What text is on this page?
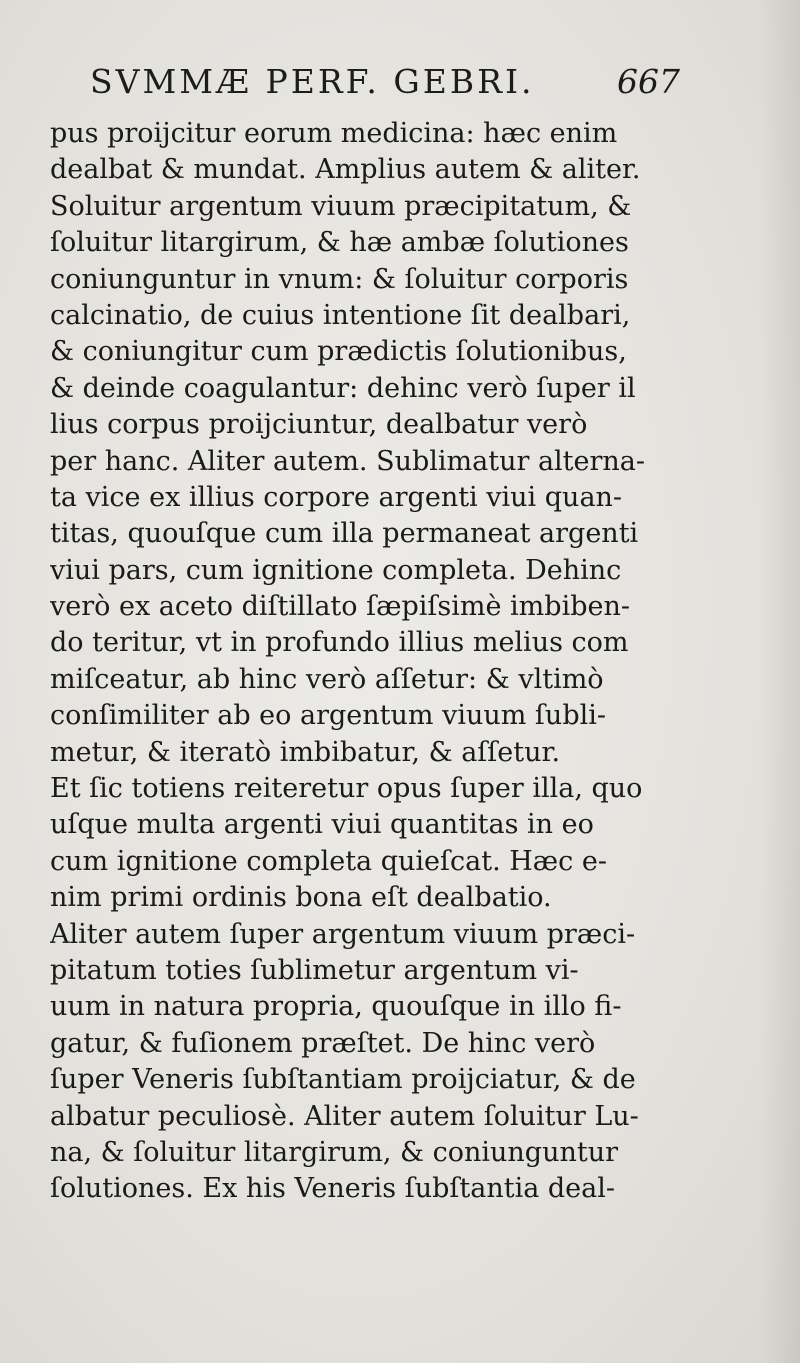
SVMMÆ PERF. GEBRI.	667
pus proijcitur eorum medicina: hæc enim
dealbat & mundat. Amplius autem & aliter.
Soluitur argentum viuum præcipitatum, &
ſoluitur litargirum, & hæ ambæ ſolutiones
coniunguntur in vnum: & ſoluitur corporis
calcinatio, de cuius intentione ſit dealbari,
& coniungitur cum prædictis ſolutionibus,
& deinde coagulantur: dehinc verò ſuper il
lius corpus proijciuntur, dealbatur verò
per hanc. Aliter autem. Sublimatur alterna-
ta vice ex illius corpore argenti viui quan-
titas, quouſque cum illa permaneat argenti
viui pars, cum ignitione completa. Dehinc
verò ex aceto diſtillato ſæpiſsimè imbiben-
do teritur, vt in profundo illius melius com
miſceatur, ab hinc verò aſſetur: & vltimò
conſimiliter ab eo argentum viuum ſubli-
metur, & iteratò imbibatur, & aſſetur.
Et ſic totiens reiteretur opus ſuper illa, quo
uſque multa argenti viui quantitas in eo
cum ignitione completa quieſcat. Hæc e-
nim primi ordinis bona eſt dealbatio.
Aliter autem ſuper argentum viuum præci-
pitatum toties ſublimetur argentum vi-
uum in natura propria, quouſque in illo fi-
gatur, & fuſionem præſtet. De hinc verò
ſuper Veneris ſubſtantiam proijciatur, & de
albatur peculiosè. Aliter autem ſoluitur Lu-
na, & ſoluitur litargirum, & coniunguntur
ſolutiones. Ex his Veneris ſubſtantia deal-
